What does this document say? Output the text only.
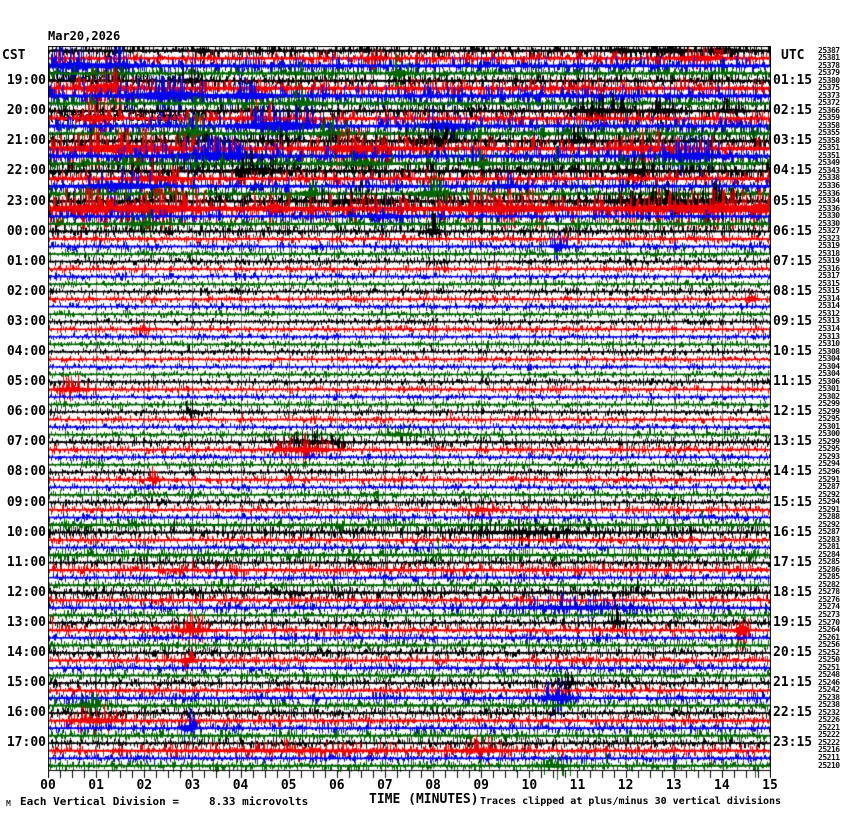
Mar20,2026

CST	UTC
19:00
20:00
21:00
22:00
23:00
00:00
01:00
02:00
03:00
04:00
05:00
06:00
07:00
08:00
09:00
10:00
11:00
12:00
13:00
14:00
15:00
16:00
17:00
01:15
02:15
03:15
04:15
05:15
06:15
07:15
08:15
09:15
10:15
11:15
12:15
13:15
14:15
15:15
16:15
17:15
18:15
19:15
20:15
21:15
22:15
23:15
25387
25381
25378
25379
25380
25375
25373
25372
25366
25359
25358
25355
25358
25351
25351
25349
25343
25338
25336
25336
25334
25336
25330
25330
25327
25323
25319
25318
25319
25316
25317
25315
25315
25314
25314
25312
25313
25314
25313
25310
25308
25304
25304
25304
25306
25301
25302
25299
25299
25295
25301
25300
25299
25295
25293
25294
25296
25291
25287
25292
25294
25291
25288
25292
25287
25283
25281
25284
25285
25286
25285
25282
25278
25276
25274
25273
25270
25264
25261
25256
25252
25250
25251
25248
25246
25242
25238
25238
25232
25226
25221
25222
25222
25216
25211
25210
00	01	02	03	04	05	06	07	08	09	10	11	12	13	14	15
M Each Vertical Division =	8.33 microvolts	TIME (MINUTES) Traces clipped at plus/minus 30 vertical divisions
